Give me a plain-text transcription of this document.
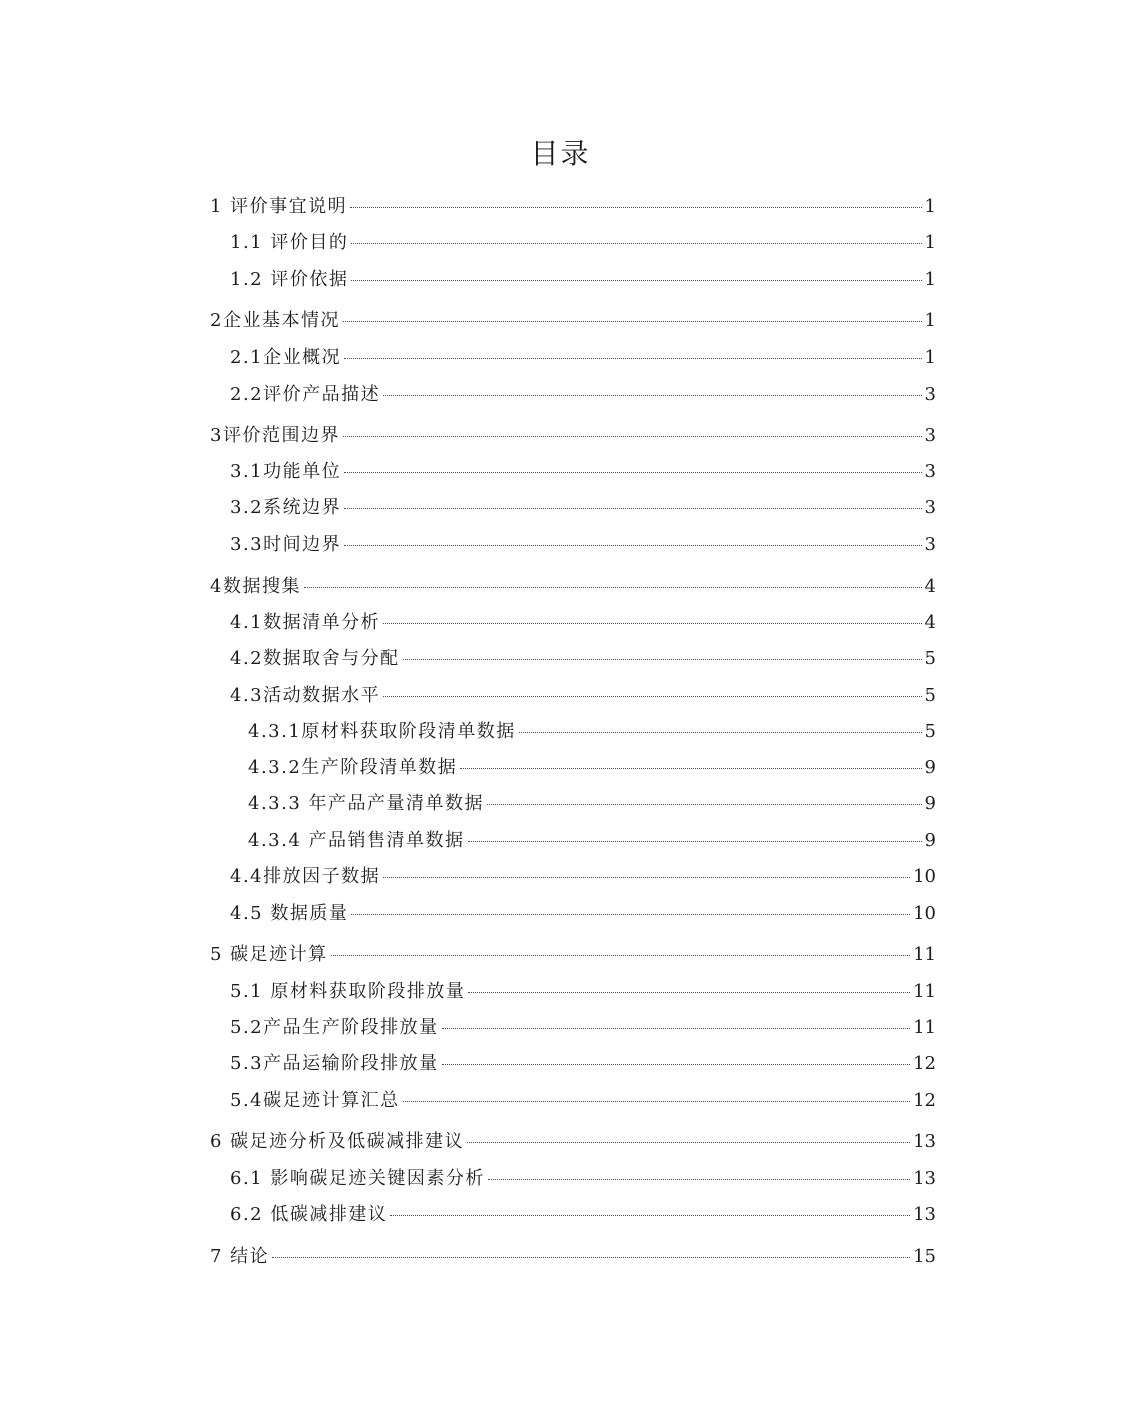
目录
1 评价事宜说明	1
1.1 评价目的	1
1.2 评价依据	1
2企业基本情况	1
2.1企业概况	1
2.2评价产品描述	3
3评价范围边界	3
3.1功能单位	3
3.2系统边界	3
3.3时间边界	3
4数据搜集	4
4.1数据清单分析	4
4.2数据取舍与分配	5
4.3活动数据水平	5
4.3.1原材料获取阶段清单数据	5
4.3.2生产阶段清单数据	9
4.3.3 年产品产量清单数据	9
4.3.4 产品销售清单数据	9
4.4排放因子数据	10
4.5 数据质量	10
5 碳足迹计算	11
5.1 原材料获取阶段排放量	11
5.2产品生产阶段排放量	11
5.3产品运输阶段排放量	12
5.4碳足迹计算汇总	12
6 碳足迹分析及低碳减排建议	13
6.1 影响碳足迹关键因素分析	13
6.2 低碳减排建议	13
7 结论	15
